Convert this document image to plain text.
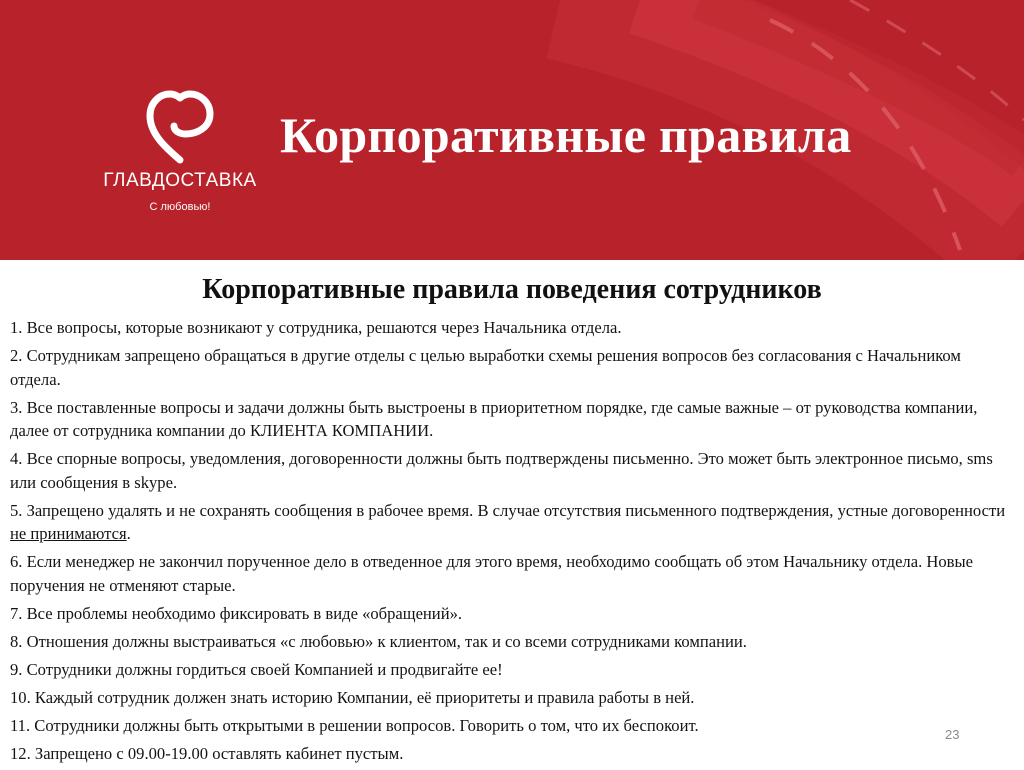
ГЛАВДОСТАВКА
С любовью!
Корпоративные правила
Корпоративные правила поведения сотрудников
1. Все вопросы, которые возникают у сотрудника, решаются через Начальника отдела.
2. Сотрудникам запрещено обращаться в другие отделы с целью выработки схемы решения вопросов без согласования с Начальником отдела.
3. Все поставленные вопросы и задачи должны быть выстроены в приоритетном порядке, где самые важные – от руководства компании, далее от сотрудника компании до КЛИЕНТА КОМПАНИИ.
4. Все спорные вопросы, уведомления, договоренности должны быть подтверждены письменно. Это может быть электронное письмо, sms или сообщения в skype.
5. Запрещено удалять и не сохранять сообщения в рабочее время. В случае отсутствия письменного подтверждения, устные договоренности не принимаются.
6. Если менеджер не закончил порученное дело в отведенное для этого время, необходимо сообщать об этом Начальнику отдела. Новые поручения не отменяют старые.
7. Все проблемы необходимо фиксировать в виде «обращений».
8. Отношения должны выстраиваться «с любовью» к клиентом, так и со всеми сотрудниками компании.
9. Сотрудники должны гордиться своей Компанией и продвигайте ее!
10. Каждый сотрудник должен знать историю Компании, её приоритеты и правила работы в ней.
11. Сотрудники должны быть открытыми в решении вопросов. Говорить о том, что их беспокоит.
12. Запрещено с 09.00-19.00 оставлять кабинет пустым.
23
